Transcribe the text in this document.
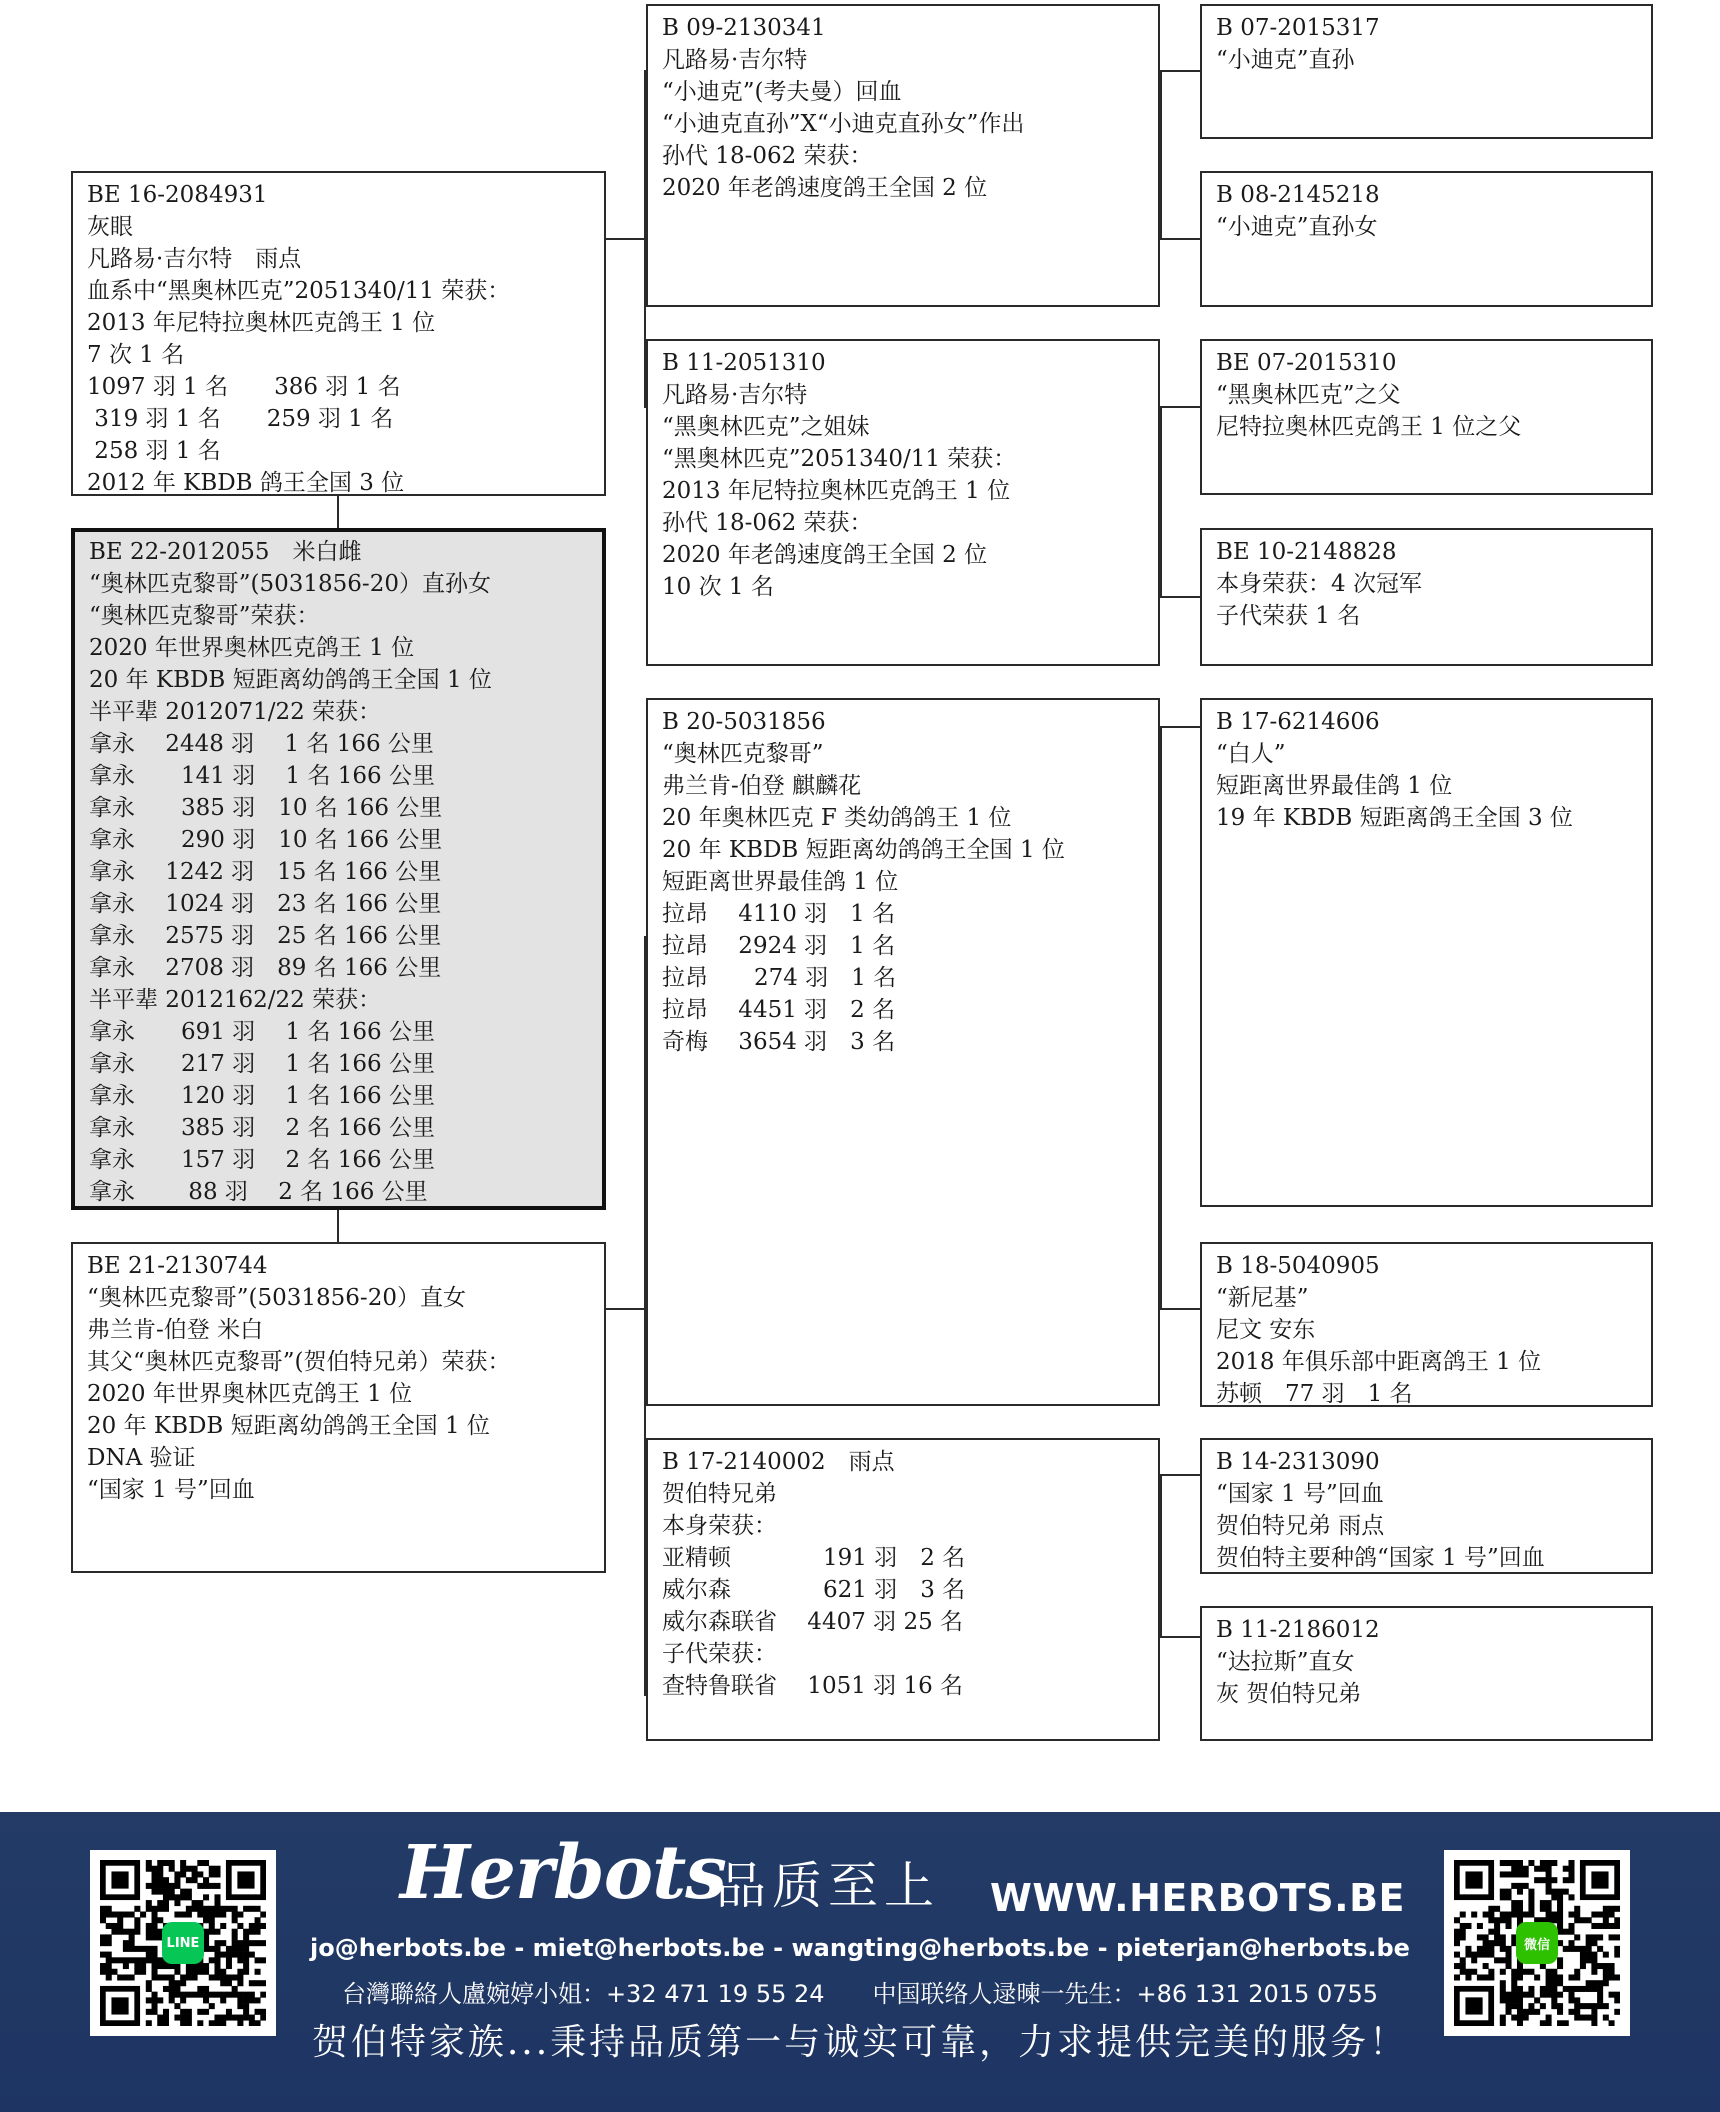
BE 16-2084931
灰眼
凡路易·吉尔特　雨点
血系中“黑奥林匹克”2051340/11 荣获：
2013 年尼特拉奥林匹克鸽王 1 位
7 次 1 名
1097 羽 1 名　　386 羽 1 名
319 羽 1 名　　259 羽 1 名
258 羽 1 名
2012 年 KBDB 鸽王全国 3 位
BE 22-2012055　米白雌
“奥林匹克黎哥”(5031856-20）直孙女
“奥林匹克黎哥”荣获：
2020 年世界奥林匹克鸽王 1 位
20 年 KBDB 短距离幼鸽鸽王全国 1 位
半平辈 2012071/22 荣获：
拿永　 2448 羽　 1 名 166 公里
拿永　　141 羽　 1 名 166 公里
拿永　　385 羽　10 名 166 公里
拿永　　290 羽　10 名 166 公里
拿永　 1242 羽　15 名 166 公里
拿永　 1024 羽　23 名 166 公里
拿永　 2575 羽　25 名 166 公里
拿永　 2708 羽　89 名 166 公里
半平辈 2012162/22 荣获：
拿永　　691 羽　 1 名 166 公里
拿永　　217 羽　 1 名 166 公里
拿永　　120 羽　 1 名 166 公里
拿永　　385 羽　 2 名 166 公里
拿永　　157 羽　 2 名 166 公里
拿永　　 88 羽　 2 名 166 公里
BE 21-2130744
“奥林匹克黎哥”(5031856-20）直女
弗兰肯-伯登 米白
其父“奥林匹克黎哥”(贺伯特兄弟）荣获：
2020 年世界奥林匹克鸽王 1 位
20 年 KBDB 短距离幼鸽鸽王全国 1 位
DNA 验证
“国家 1 号”回血
B 09-2130341
凡路易·吉尔特
“小迪克”(考夫曼）回血
“小迪克直孙”X“小迪克直孙女”作出
孙代 18-062 荣获：
2020 年老鸽速度鸽王全国 2 位
B 11-2051310
凡路易·吉尔特
“黑奥林匹克”之姐妹
“黑奥林匹克”2051340/11 荣获：
2013 年尼特拉奥林匹克鸽王 1 位
孙代 18-062 荣获：
2020 年老鸽速度鸽王全国 2 位
10 次 1 名
B 20-5031856
“奥林匹克黎哥”
弗兰肯-伯登 麒麟花
20 年奥林匹克 F 类幼鸽鸽王 1 位
20 年 KBDB 短距离幼鸽鸽王全国 1 位
短距离世界最佳鸽 1 位
拉昂　 4110 羽　1 名
拉昂　 2924 羽　1 名
拉昂　　274 羽　1 名
拉昂　 4451 羽　2 名
奇梅　 3654 羽　3 名
B 17-2140002　雨点
贺伯特兄弟
本身荣获：
亚精顿　　　　191 羽　2 名
威尔森　　　　621 羽　3 名
威尔森联省　 4407 羽 25 名
子代荣获：
查特鲁联省　 1051 羽 16 名
B 07-2015317
“小迪克”直孙
B 08-2145218
“小迪克”直孙女
BE 07-2015310
“黑奥林匹克”之父
尼特拉奥林匹克鸽王 1 位之父
BE 10-2148828
本身荣获：4 次冠军
子代荣获 1 名
B 17-6214606
“白人”
短距离世界最佳鸽 1 位
19 年 KBDB 短距离鸽王全国 3 位
B 18-5040905
“新尼基”
尼文 安东
2018 年俱乐部中距离鸽王 1 位
苏顿　77 羽　1 名
B 14-2313090
“国家 1 号”回血
贺伯特兄弟 雨点
贺伯特主要种鸽“国家 1 号”回血
B 11-2186012
“达拉斯”直女
灰 贺伯特兄弟
LINE	微信
Herbots
品质至上 WWW.HERBOTS.BE
jo@herbots.be - miet@herbots.be - wangting@herbots.be - pieterjan@herbots.be
台灣聯絡人盧婉婷小姐：+32 471 19 55 24　　中国联络人逯暕一先生：+86 131 2015 0755
贺伯特家族...秉持品质第一与诚实可靠，力求提供完美的服务！
